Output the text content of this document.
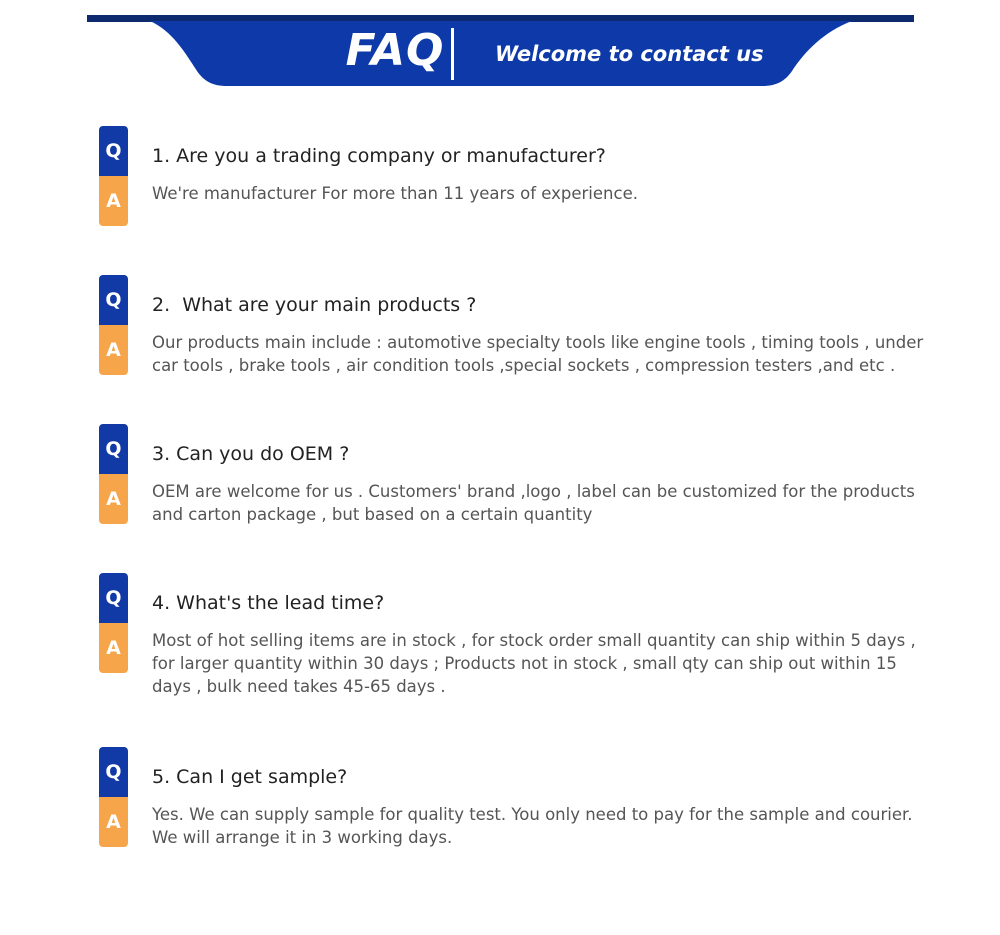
FAQ	Welcome to contact us
Q
A
1. Are you a trading company or manufacturer?
We're manufacturer For more than 11 years of experience.
Q
A
2.  What are your main products ?
Our products main include : automotive specialty tools like engine tools , timing tools , under car tools , brake tools , air condition tools ,special sockets , compression testers ,and etc .
Q
A
3. Can you do OEM ?
OEM are welcome for us . Customers' brand ,logo , label can be customized for the products and carton package , but based on a certain quantity
Q
A
4. What's the lead time?
Most of hot selling items are in stock , for stock order small quantity can ship within 5 days , for larger quantity within 30 days ; Products not in stock , small qty can ship out within 15 days , bulk need takes 45-65 days .
Q
A
5. Can I get sample?
Yes. We can supply sample for quality test. You only need to pay for the sample and courier. We will arrange it in 3 working days.
